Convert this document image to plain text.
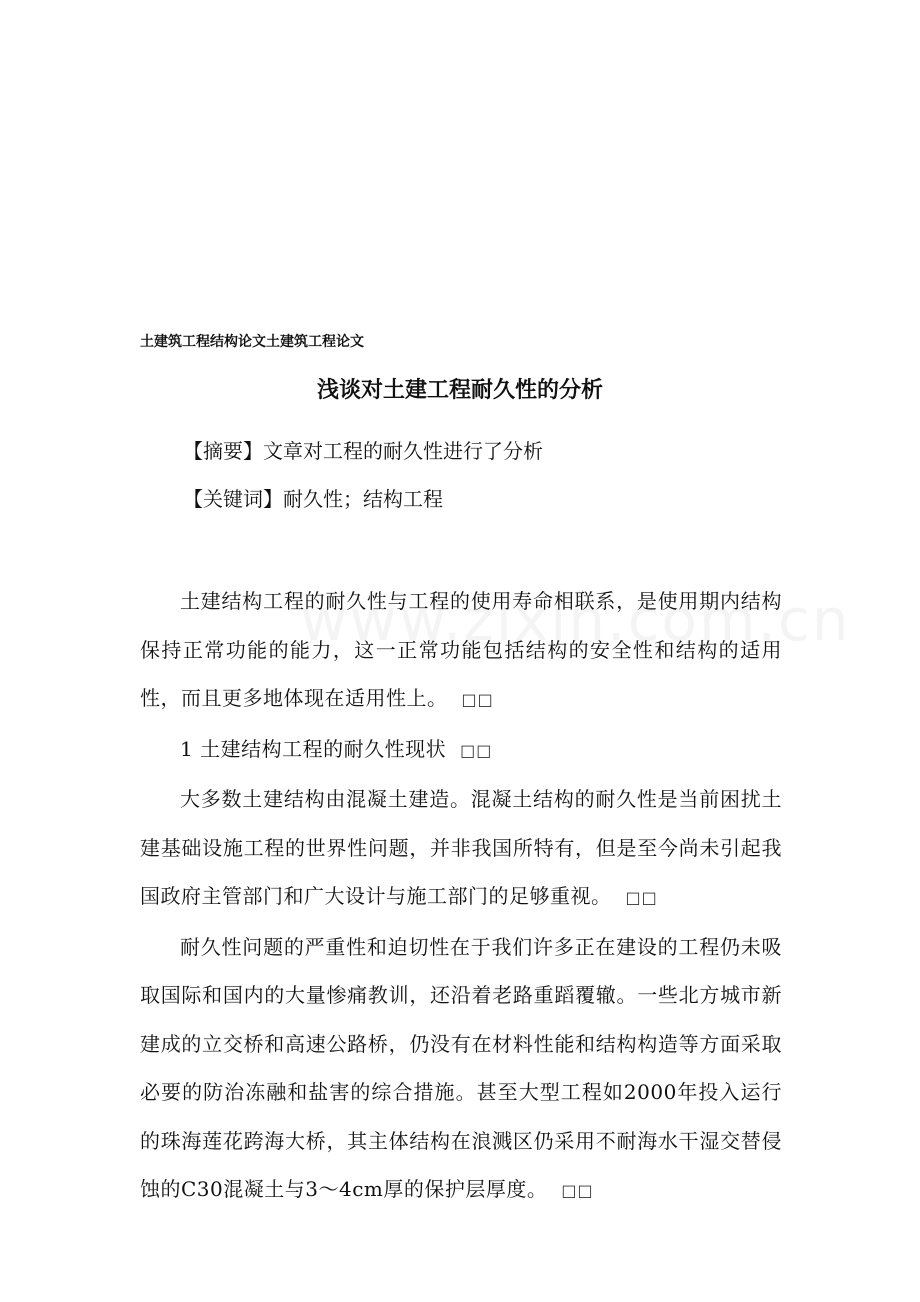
土建筑工程结构论文土建筑工程论文
浅谈对土建工程耐久性的分析
【摘要】文章对工程的耐久性进行了分析
【关键词】耐久性；结构工程

土建结构工程的耐久性与工程的使用寿命相联系，是使用期内结构保持正常功能的能力，这一正常功能包括结构的安全性和结构的适用性，而且更多地体现在适用性上。 □□

1 土建结构工程的耐久性现状 □□

大多数土建结构由混凝土建造。混凝土结构的耐久性是当前困扰土建基础设施工程的世界性问题，并非我国所特有，但是至今尚未引起我国政府主管部门和广大设计与施工部门的足够重视。 □□

耐久性问题的严重性和迫切性在于我们许多正在建设的工程仍未吸取国际和国内的大量惨痛教训，还沿着老路重蹈覆辙。一些北方城市新建成的立交桥和高速公路桥，仍没有在材料性能和结构构造等方面采取必要的防治冻融和盐害的综合措施。甚至大型工程如2000年投入运行的珠海莲花跨海大桥，其主体结构在浪溅区仍采用不耐海水干湿交替侵蚀的C30混凝土与3～4cm厚的保护层厚度。 □□
